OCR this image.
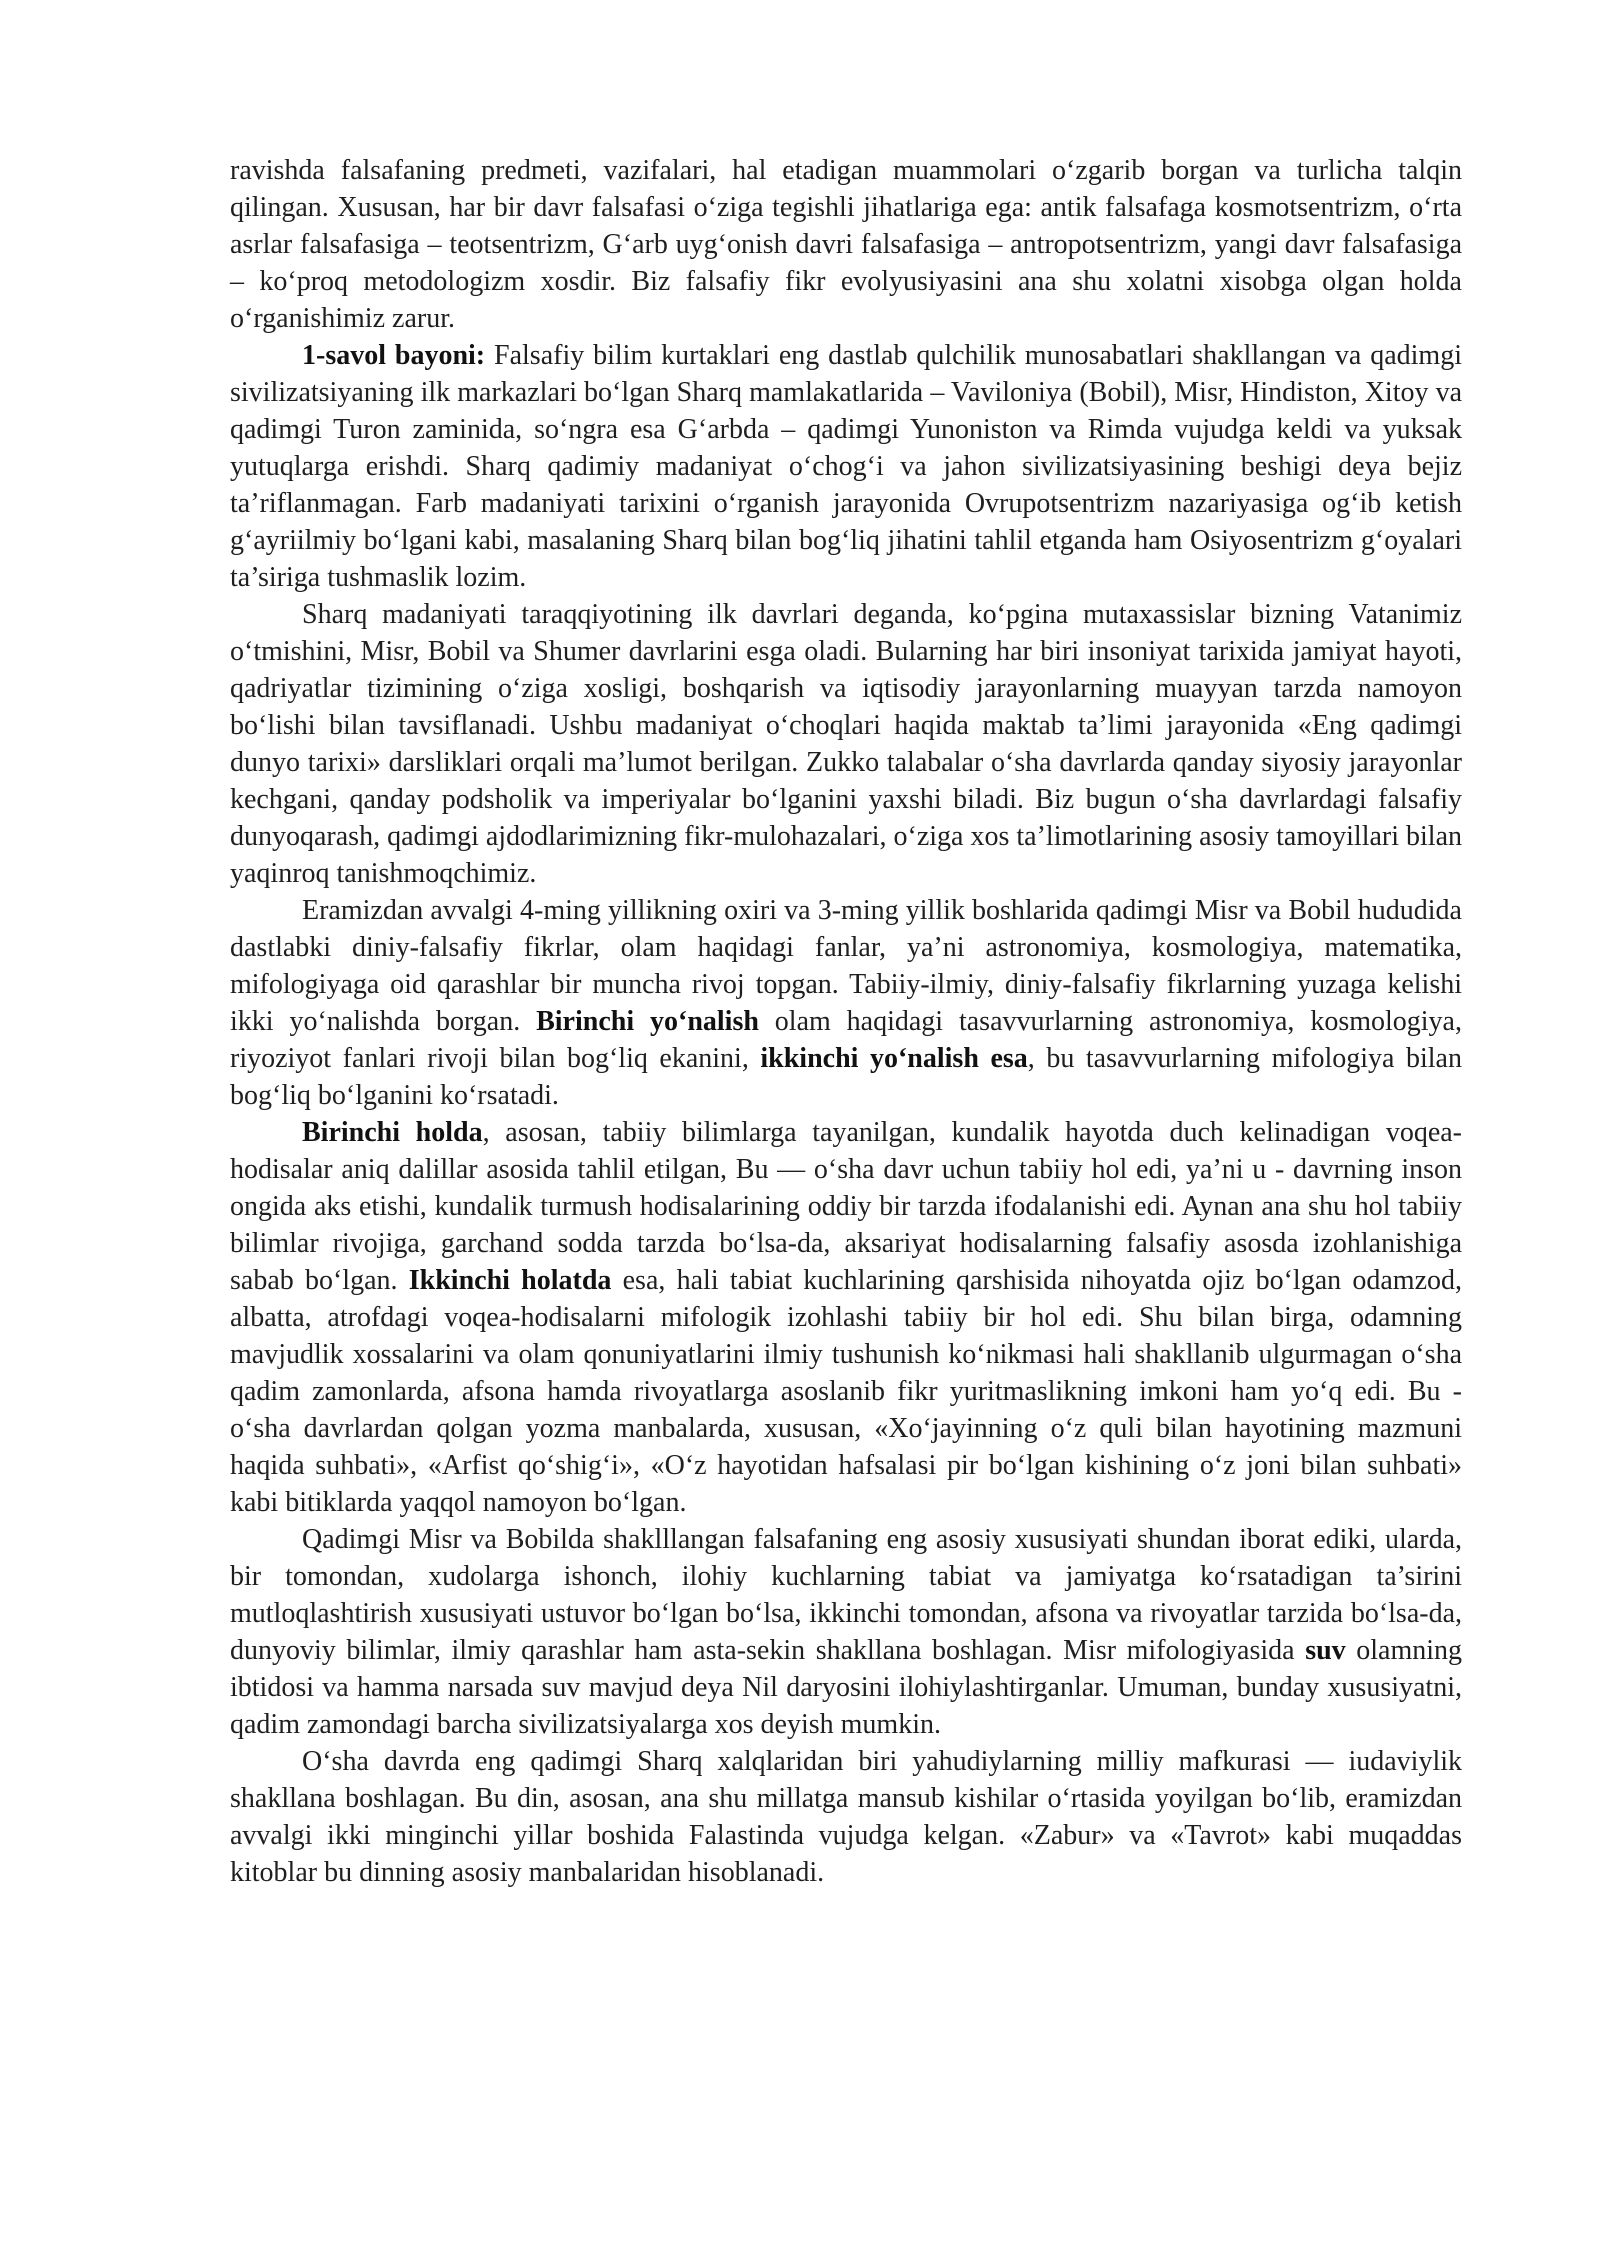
ravishda falsafaning predmeti, vazifalari, hal etadigan muammolari o‘zgarib borgan va turlicha talqin qilingan. Xususan, har bir davr falsafasi o‘ziga tegishli jihatlariga ega: antik falsafaga kosmotsentrizm, o‘rta asrlar falsafasiga – teotsentrizm, G‘arb uyg‘onish davri falsafasiga – antropotsentrizm, yangi davr falsafasiga – ko‘proq metodologizm xosdir. Biz falsafiy fikr evolyusiyasini ana shu xolatni xisobga olgan holda o‘rganishimiz zarur.

1-savol bayoni: Falsafiy bilim kurtaklari eng dastlab qulchilik munosabatlari shakllangan va qadimgi sivilizatsiyaning ilk markazlari bo‘lgan Sharq mamlakatlarida – Vaviloniya (Bobil), Misr, Hindiston, Xitoy va qadimgi Turon zaminida, so‘ngra esa G‘arbda – qadimgi Yunoniston va Rimda vujudga keldi va yuksak yutuqlarga erishdi. Sharq qadimiy madaniyat o‘chog‘i va jahon sivilizatsiyasining beshigi deya bejiz ta’riflanmagan. Farb madaniyati tarixini o‘rganish jarayonida Ovrupotsentrizm nazariyasiga og‘ib ketish g‘ayriilmiy bo‘lgani kabi, masalaning Sharq bilan bog‘liq jihatini tahlil etganda ham Osiyosentrizm g‘oyalari ta’siriga tushmaslik lozim.

Sharq madaniyati taraqqiyotining ilk davrlari deganda, ko‘pgina mutaxassislar bizning Vatanimiz o‘tmishini, Misr, Bobil va Shumer davrlarini esga oladi. Bularning har biri insoniyat tarixida jamiyat hayoti, qadriyatlar tizimining o‘ziga xosligi, boshqarish va iqtisodiy jarayonlarning muayyan tarzda namoyon bo‘lishi bilan tavsiflanadi. Ushbu madaniyat o‘choqlari haqida maktab ta’limi jarayonida «Eng qadimgi dunyo tarixi» darsliklari orqali ma’lumot berilgan. Zukko talabalar o‘sha davrlarda qanday siyosiy jarayonlar kechgani, qanday podsholik va imperiyalar bo‘lganini yaxshi biladi. Biz bugun o‘sha davrlardagi falsafiy dunyoqarash, qadimgi ajdodlarimizning fikr-mulohazalari, o‘ziga xos ta’limotlarining asosiy tamoyillari bilan yaqinroq tanishmoqchimiz.

Eramizdan avvalgi 4-ming yillikning oxiri va 3-ming yillik boshlarida qadimgi Misr va Bobil hududida dastlabki diniy-falsafiy fikrlar, olam haqidagi fanlar, ya’ni astronomiya, kosmologiya, matematika, mifologiyaga oid qarashlar bir muncha rivoj topgan. Tabiiy-ilmiy, diniy-falsafiy fikrlarning yuzaga kelishi ikki yo‘nalishda borgan. Birinchi yo‘nalish olam haqidagi tasavvurlarning astronomiya, kosmologiya, riyoziyot fanlari rivoji bilan bog‘liq ekanini, ikkinchi yo‘nalish esa, bu tasavvurlarning mifologiya bilan bog‘liq bo‘lganini ko‘rsatadi.

Birinchi holda, asosan, tabiiy bilimlarga tayanilgan, kundalik hayotda duch kelinadigan voqea-hodisalar aniq dalillar asosida tahlil etilgan, Bu — o‘sha davr uchun tabiiy hol edi, ya’ni u - davrning inson ongida aks etishi, kundalik turmush hodisalarining oddiy bir tarzda ifodalanishi edi. Aynan ana shu hol tabiiy bilimlar rivojiga, garchand sodda tarzda bo‘lsa-da, aksariyat hodisalarning falsafiy asosda izohlanishiga sabab bo‘lgan. Ikkinchi holatda esa, hali tabiat kuchlarining qarshisida nihoyatda ojiz bo‘lgan odamzod, albatta, atrofdagi voqea-hodisalarni mifologik izohlashi tabiiy bir hol edi. Shu bilan birga, odamning mavjudlik xossalarini va olam qonuniyatlarini ilmiy tushunish ko‘nikmasi hali shakllanib ulgurmagan o‘sha qadim zamonlarda, afsona hamda rivoyatlarga asoslanib fikr yuritmaslikning imkoni ham yo‘q edi. Bu - o‘sha davrlardan qolgan yozma manbalarda, xususan, «Xo‘jayinning o‘z quli bilan hayotining mazmuni haqida suhbati», «Arfist qo‘shig‘i», «O‘z hayotidan hafsalasi pir bo‘lgan kishining o‘z joni bilan suhbati» kabi bitiklarda yaqqol namoyon bo‘lgan.

Qadimgi Misr va Bobilda shaklllangan falsafaning eng asosiy xususiyati shundan iborat ediki, ularda, bir tomondan, xudolarga ishonch, ilohiy kuchlarning tabiat va jamiyatga ko‘rsatadigan ta’sirini mutloqlashtirish xususiyati ustuvor bo‘lgan bo‘lsa, ikkinchi tomondan, afsona va rivoyatlar tarzida bo‘lsa-da, dunyoviy bilimlar, ilmiy qarashlar ham asta-sekin shakllana boshlagan. Misr mifologiyasida suv olamning ibtidosi va hamma narsada suv mavjud deya Nil daryosini ilohiylashtirganlar. Umuman, bunday xususiyatni, qadim zamondagi barcha sivilizatsiyalarga xos deyish mumkin.

O‘sha davrda eng qadimgi Sharq xalqlaridan biri yahudiylarning milliy mafkurasi — iudaviylik shakllana boshlagan. Bu din, asosan, ana shu millatga mansub kishilar o‘rtasida yoyilgan bo‘lib, eramizdan avvalgi ikki minginchi yillar boshida Falastinda vujudga kelgan. «Zabur» va «Tavrot» kabi muqaddas kitoblar bu dinning asosiy manbalaridan hisoblanadi.
